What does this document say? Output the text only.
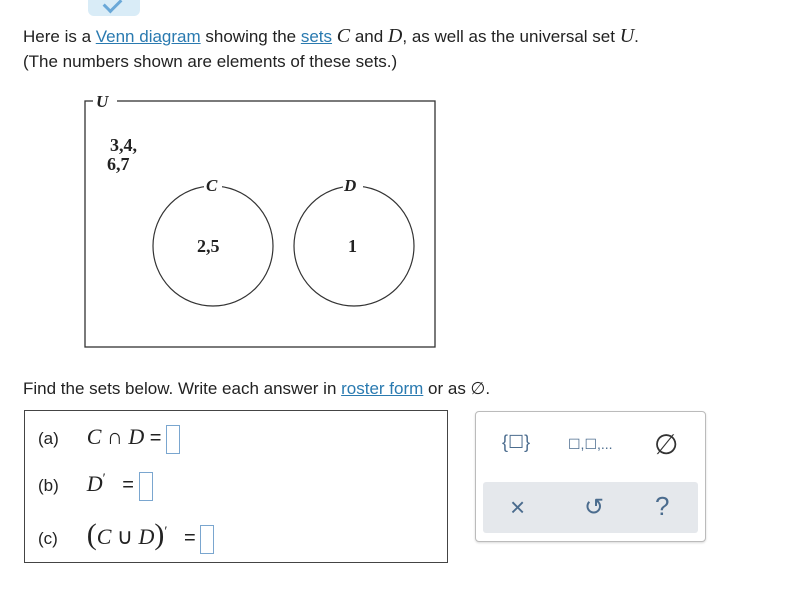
Here is a Venn diagram showing the sets C and D, as well as the universal set U.
(The numbers shown are elements of these sets.)
U
3,4,
6,7
C
2,5
D
1
Find the sets below. Write each answer in roster form or as ∅.
(a) C ∩ D =
(b) D′ =
(c) (C ∪ D)′ =
{☐}	☐,☐,... ∅
× ↺ ?
